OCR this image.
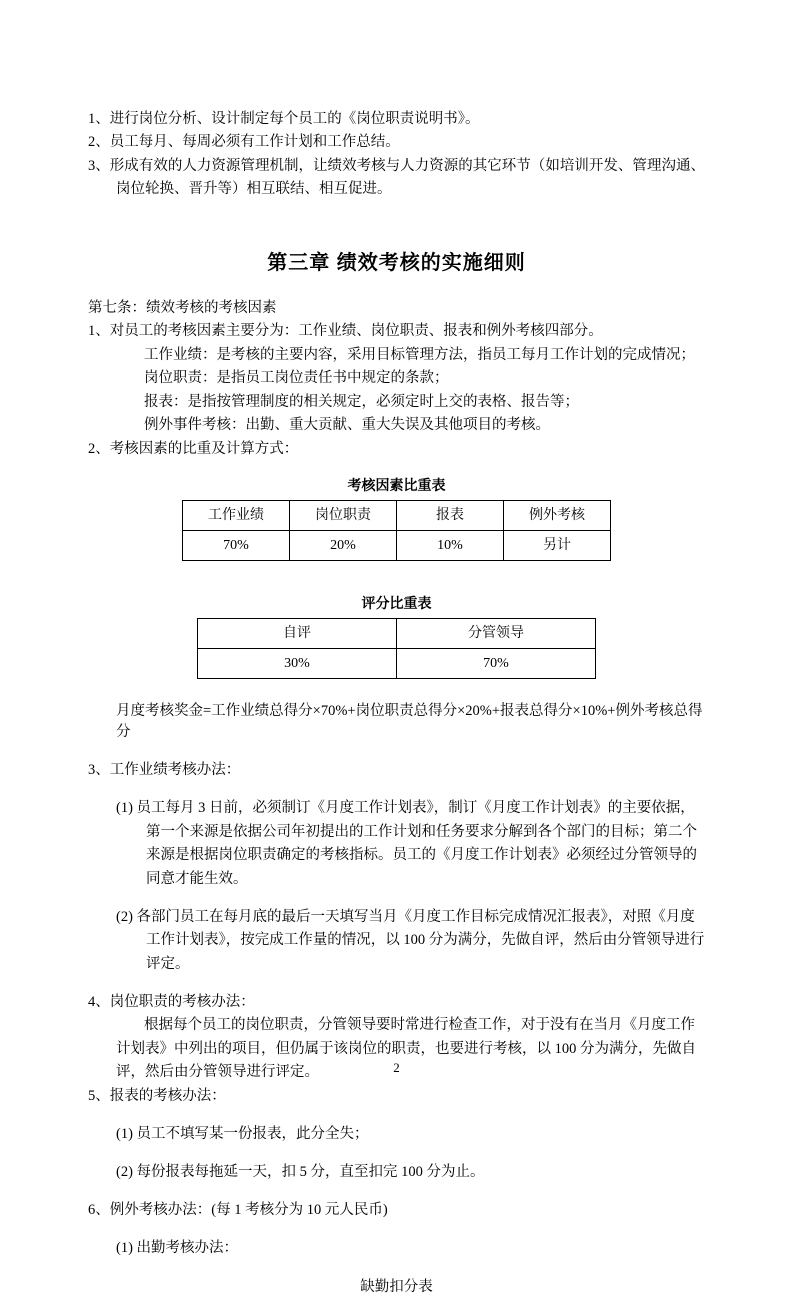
1、进行岗位分析、设计制定每个员工的《岗位职责说明书》。

2、员工每月、每周必须有工作计划和工作总结。

3、形成有效的人力资源管理机制，让绩效考核与人力资源的其它环节（如培训开发、管理沟通、岗位轮换、晋升等）相互联结、相互促进。

第三章 绩效考核的实施细则

第七条：绩效考核的考核因素

1、对员工的考核因素主要分为：工作业绩、岗位职责、报表和例外考核四部分。

工作业绩：是考核的主要内容，采用目标管理方法，指员工每月工作计划的完成情况；

岗位职责：是指员工岗位责任书中规定的条款；

报表：是指按管理制度的相关规定，必须定时上交的表格、报告等；

例外事件考核：出勤、重大贡献、重大失误及其他项目的考核。

2、考核因素的比重及计算方式：

考核因素比重表
工作业绩	岗位职责	报表	例外考核
70%	20%	10%	另计
评分比重表
自评	分管领导
30%	70%

月度考核奖金=工作业绩总得分×70%+岗位职责总得分×20%+报表总得分×10%+例外考核总得分

3、工作业绩考核办法：

(1) 员工每月 3 日前，必须制订《月度工作计划表》，制订《月度工作计划表》的主要依据，第一个来源是依据公司年初提出的工作计划和任务要求分解到各个部门的目标；第二个来源是根据岗位职责确定的考核指标。员工的《月度工作计划表》必须经过分管领导的同意才能生效。

(2) 各部门员工在每月底的最后一天填写当月《月度工作目标完成情况汇报表》，对照《月度工作计划表》，按完成工作量的情况，以 100 分为满分，先做自评，然后由分管领导进行评定。

4、岗位职责的考核办法：

根据每个员工的岗位职责，分管领导要时常进行检查工作，对于没有在当月《月度工作计划表》中列出的项目，但仍属于该岗位的职责，也要进行考核，以 100 分为满分，先做自评，然后由分管领导进行评定。

5、报表的考核办法：

(1) 员工不填写某一份报表，此分全失；

(2) 每份报表每拖延一天，扣 5 分，直至扣完 100 分为止。

6、例外考核办法：(每 1 考核分为 10 元人民币)

(1) 出勤考核办法：

缺勤扣分表

2
